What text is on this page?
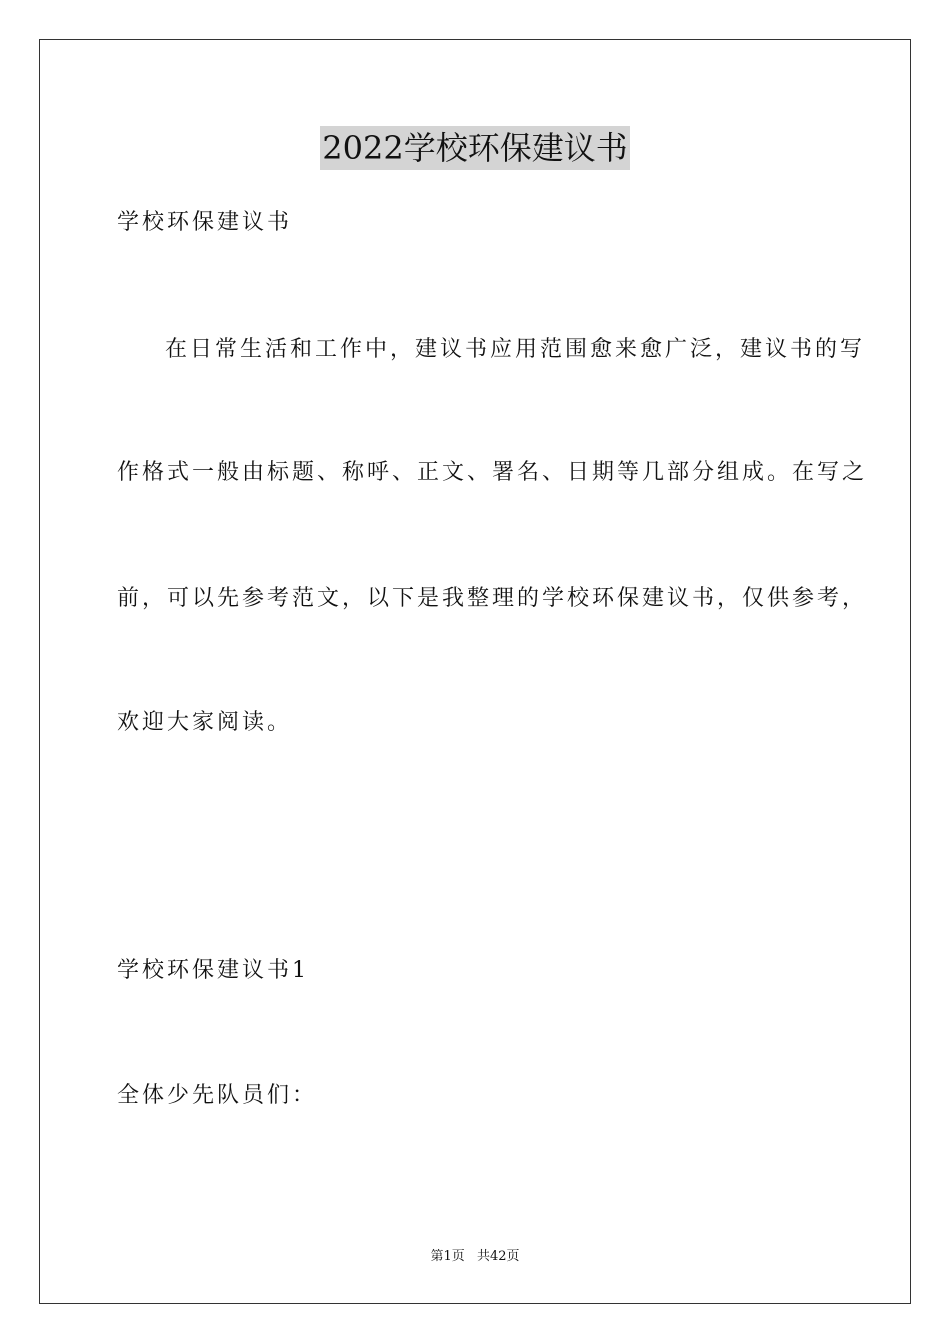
2022学校环保建议书
学校环保建议书
在日常生活和工作中，建议书应用范围愈来愈广泛，建议书的写
作格式一般由标题、称呼、正文、署名、日期等几部分组成。在写之
前，可以先参考范文，以下是我整理的学校环保建议书，仅供参考，
欢迎大家阅读。
学校环保建议书1
全体少先队员们：
第1页 共42页
